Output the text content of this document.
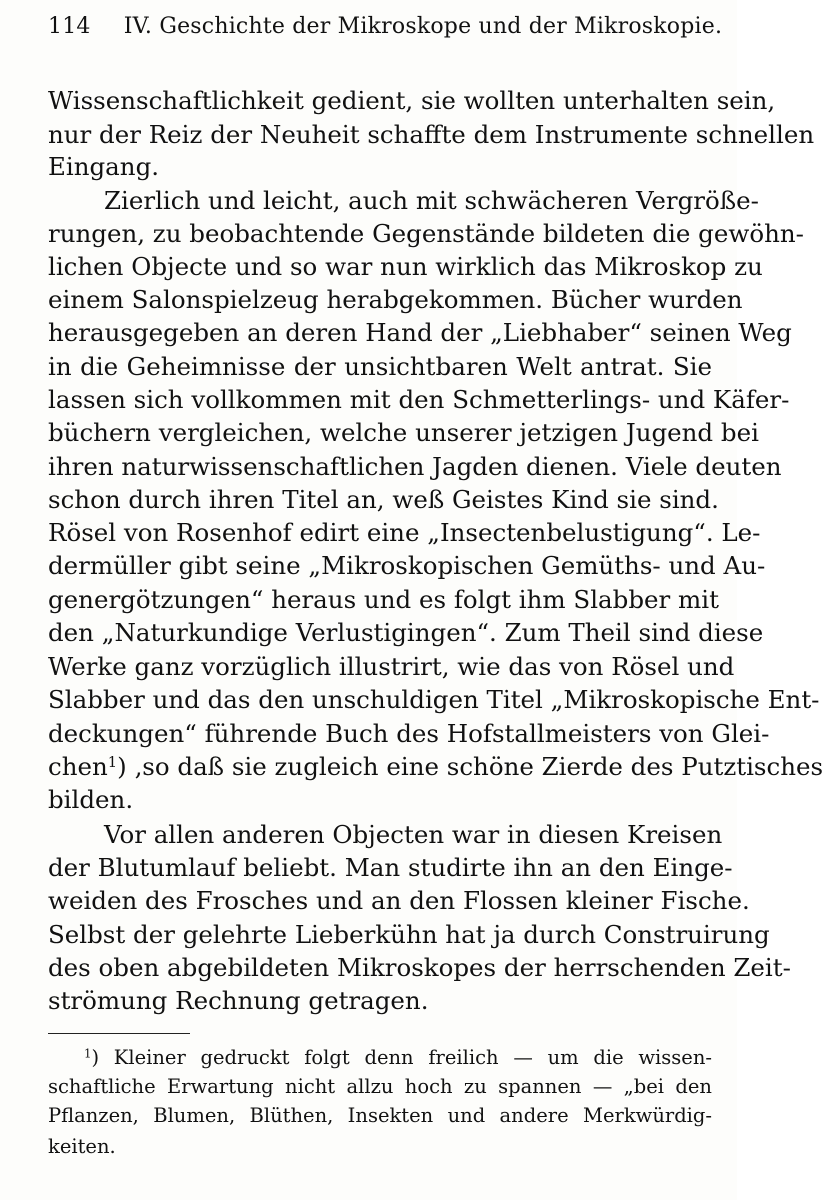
114 IV. Geschichte der Mikroskope und der Mikroskopie.
Wissenschaftlichkeit gedient, sie wollten unterhalten sein,
nur der Reiz der Neuheit schaffte dem Instrumente schnellen
Eingang.
Zierlich und leicht, auch mit schwächeren Vergröße-
rungen, zu beobachtende Gegenstände bildeten die gewöhn-
lichen Objecte und so war nun wirklich das Mikroskop zu
einem Salonspielzeug herabgekommen. Bücher wurden
herausgegeben an deren Hand der „Liebhaber“ seinen Weg
in die Geheimnisse der unsichtbaren Welt antrat. Sie
lassen sich vollkommen mit den Schmetterlings- und Käfer-
büchern vergleichen, welche unserer jetzigen Jugend bei
ihren naturwissenschaftlichen Jagden dienen. Viele deuten
schon durch ihren Titel an, weß Geistes Kind sie sind.
Rösel von Rosenhof edirt eine „Insectenbelustigung“. Le-
dermüller gibt seine „Mikroskopischen Gemüths- und Au-
genergötzungen“ heraus und es folgt ihm Slabber mit
den „Naturkundige Verlustigingen“. Zum Theil sind diese
Werke ganz vorzüglich illustrirt, wie das von Rösel und
Slabber und das den unschuldigen Titel „Mikroskopische Ent-
deckungen“ führende Buch des Hofstallmeisters von Glei-
chen$^1$) ‚so daß sie zugleich eine schöne Zierde des Putztisches
bilden.
Vor allen anderen Objecten war in diesen Kreisen
der Blutumlauf beliebt. Man studirte ihn an den Einge-
weiden des Frosches und an den Flossen kleiner Fische.
Selbst der gelehrte Lieberkühn hat ja durch Construirung
des oben abgebildeten Mikroskopes der herrschenden Zeit-
strömung Rechnung getragen.
$^1$) Kleiner gedruckt folgt denn freilich — um die wissen-
schaftliche Erwartung nicht allzu hoch zu spannen — „bei den
Pflanzen, Blumen, Blüthen, Insekten und andere Merkwürdig-
keiten.
